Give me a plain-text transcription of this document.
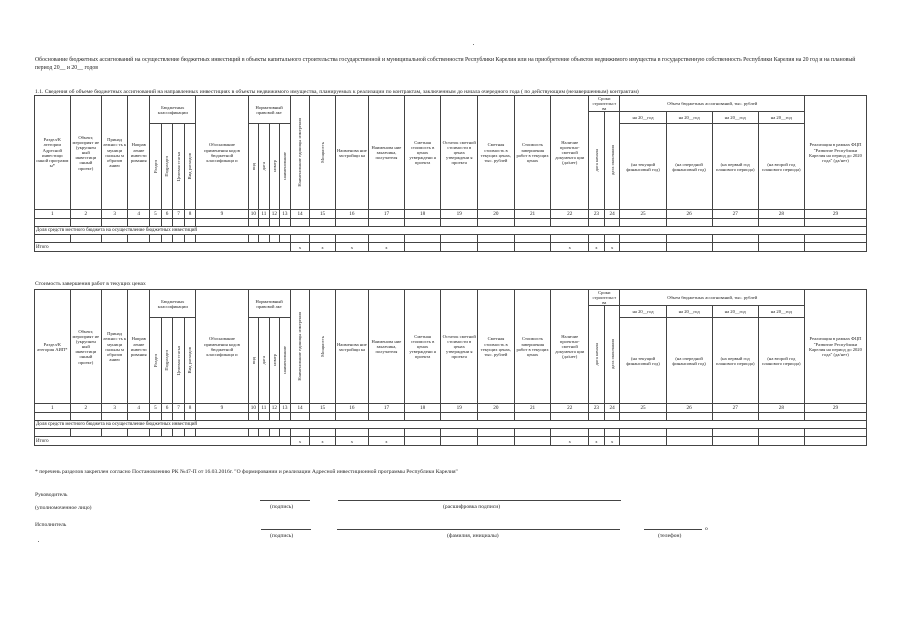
Обоснование бюджетных ассигнований на осуществление бюджетных инвестиций в объекты капитального строительства государственной и муниципальной собственности Республики Карелия или на приобретение объектов недвижимого имущества в государственную собственность Республики Карелия на 20 год и на плановый период 20__ и 20__ годов
1.1. Сведения об объеме бюджетных ассигнований на направленных инвестициях в объекты недвижимого имущества, планируемых к реализации по контрактам, заключенным до начала очередного года ( по действующим (незавершенным) контрактам)
Раздел/К атегории Адресной инвестици онной программ ы*	Объект, мероприят ие (укрупнен ный инвестици онный проект)	Принад лежнос ть к муници пальны м образов анию	Направ ление инвести рования	Бюджетных классификации				Обоснование применения кодов бюджетной классификаци и	Нормативный правовой акт				Наименование единицы измерения	Мощность	Наименова ние застройщи ка	Наименова ние заказчика, получателя	Сметная стоимость в ценах утверждени я проекта	Остаток сметной стоимости в ценах утверждени я проекта	Сметная стоимость в текущих ценах, тыс. рублей	Стоимость завершения работ в текущих ценах	Наличие проектно-сметной документа ции (да/нет)	Сроки строительст ва		Объем бюджетных ассигнований, тыс. рублей				Реализация в рамках ФЦП "Развитие Республики Карелия на период до 2020 года" (да/нет)
																						дата начала	дата окончания	на 20__год	на 20__год	на 20__год	на 20__год	
				Раздел	Подраздел	Целевая статья	Вид расходов		вид	дата	номер	наименование												(на текущий финансовый год)	(на очередной финансовый год)	(на первый год планового периода)	(на второй год планового периода)	
1	2	3	4	5	6	7	8	9	10	11	12	13	14	15	16	17	18	19	20	21	22	23	24	25	26	27	28	29

Доля средств местного бюджета на осуществление бюджетных инвестиций																												

Итого													х	х	х	х					х	х	х					
Стоимость завершения работ в текущих ценах
Раздел/К атегория АИП*	Объект, мероприят ие (укрупнен ный инвестици онный проект)	Принад лежнос ть к муници пальны м образов анию	Направ ление инвести рования	Бюджетных классификации				Обоснование применения кодов бюджетной классификаци и	Нормативный правовой акт				Наименование единицы измерения	Мощность	Наименова ние застройщи ка	Наименова ние заказчика, получателя	Сметная стоимость в ценах утверждени я проекта	Остаток сметной стоимости в ценах утверждени я проекта	Сметная стоимость в текущих ценах, тыс. рублей	Стоимость завершения работ в текущих ценах	Наличие проектно-сметной документа ции (да/нет)	Сроки строительст ва		Объем бюджетных ассигнований, тыс. рублей				Реализация в рамках ФЦП "Развитие Республики Карелия на период до 2020 года" (да/нет)
																						дата начала	дата окончания	на 20__год	на 20__год	на 20__год	на 20__год	
				Раздел	Подраздел	Целевая статья	Вид расходов		вид	дата	номер	наименование												(на текущий финансовый год)	(на очередной финансовый год)	(на первый год планового периода)	(на второй год планового периода)	
1	2	3	4	5	6	7	8	9	10	11	12	13	14	15	16	17	18	19	20	21	22	23	24	25	26	27	28	29

Доля средств местного бюджета на осуществление бюджетных инвестиций																												

Итого													х	х	х	х					х	х	х					
* перечень разделов закреплен согласно Постановлению РК №47-П от 16.03.2016г. "О формировании и реализации Адресной инвестиционной программы Республики Карелия"
Руководитель
(уполномоченное лицо)	(подпись)	(расшифровка подписи)
Исполнитель
(подпись)	(фамилия, инициалы)	(телефон)
о
